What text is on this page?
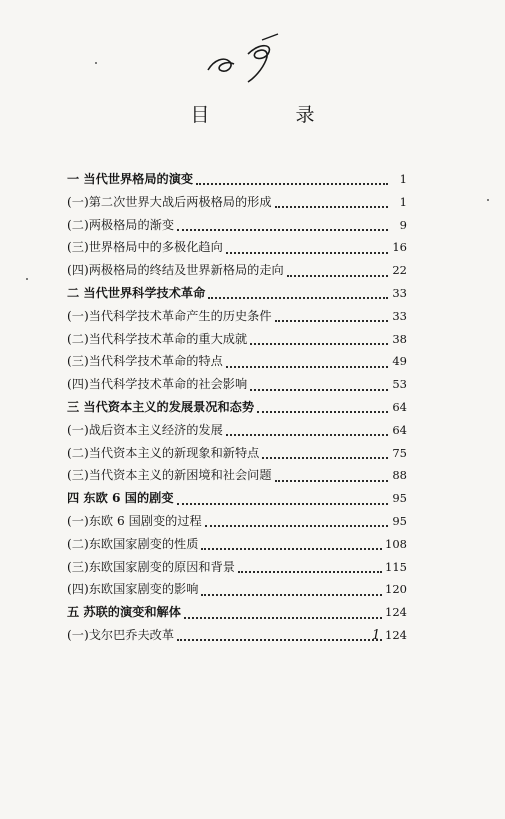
目 录
一 当代世界格局的演变	1
(一)第二次世界大战后两极格局的形成	1
(二)两极格局的渐变	9
(三)世界格局中的多极化趋向	16
(四)两极格局的终结及世界新格局的走向	22
二 当代世界科学技术革命	33
(一)当代科学技术革命产生的历史条件	33
(二)当代科学技术革命的重大成就	38
(三)当代科学技术革命的特点	49
(四)当代科学技术革命的社会影响	53
三 当代资本主义的发展景况和态势	64
(一)战后资本主义经济的发展	64
(二)当代资本主义的新现象和新特点	75
(三)当代资本主义的新困境和社会问题	88
四 东欧 6 国的剧变	95
(一)东欧 6 国剧变的过程	95
(二)东欧国家剧变的性质	108
(三)东欧国家剧变的原因和背景	115
(四)东欧国家剧变的影响	120
五 苏联的演变和解体	124
(一)戈尔巴乔夫改革	124
1
